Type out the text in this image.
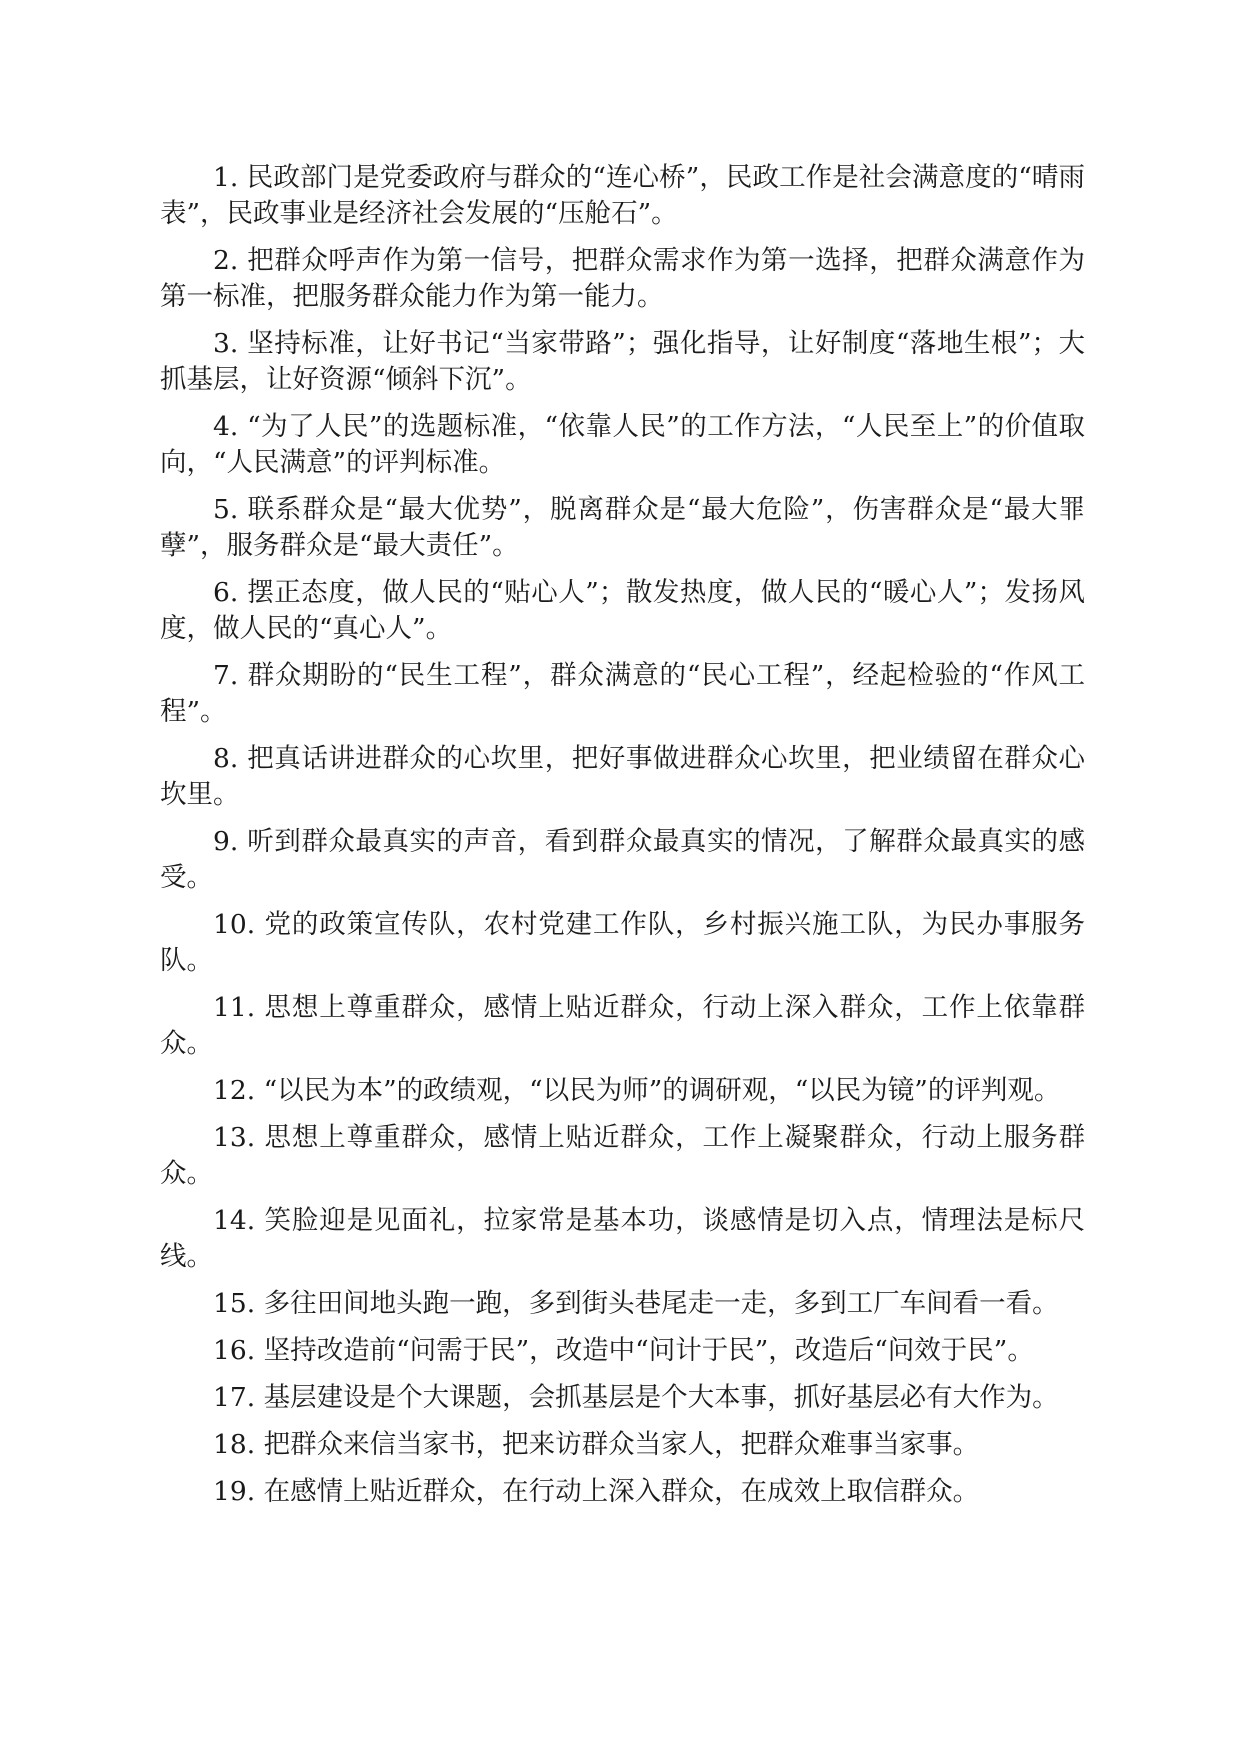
1. 民政部门是党委政府与群众的“连心桥”，民政工作是社会满意度的“晴雨表”，民政事业是经济社会发展的“压舱石”。

2. 把群众呼声作为第一信号，把群众需求作为第一选择，把群众满意作为第一标准，把服务群众能力作为第一能力。

3. 坚持标准，让好书记“当家带路”；强化指导，让好制度“落地生根”；大抓基层，让好资源“倾斜下沉”。

4. “为了人民”的选题标准，“依靠人民”的工作方法，“人民至上”的价值取向，“人民满意”的评判标准。

5. 联系群众是“最大优势”，脱离群众是“最大危险”，伤害群众是“最大罪孽”，服务群众是“最大责任”。

6. 摆正态度，做人民的“贴心人”；散发热度，做人民的“暖心人”；发扬风度，做人民的“真心人”。

7. 群众期盼的“民生工程”，群众满意的“民心工程”，经起检验的“作风工程”。

8. 把真话讲进群众的心坎里，把好事做进群众心坎里，把业绩留在群众心坎里。

9. 听到群众最真实的声音，看到群众最真实的情况，了解群众最真实的感受。

10. 党的政策宣传队，农村党建工作队，乡村振兴施工队，为民办事服务队。

11. 思想上尊重群众，感情上贴近群众，行动上深入群众，工作上依靠群众。

12. “以民为本”的政绩观，“以民为师”的调研观，“以民为镜”的评判观。

13. 思想上尊重群众，感情上贴近群众，工作上凝聚群众，行动上服务群众。

14. 笑脸迎是见面礼，拉家常是基本功，谈感情是切入点，情理法是标尺线。

15. 多往田间地头跑一跑，多到街头巷尾走一走，多到工厂车间看一看。

16. 坚持改造前“问需于民”，改造中“问计于民”，改造后“问效于民”。

17. 基层建设是个大课题，会抓基层是个大本事，抓好基层必有大作为。

18. 把群众来信当家书，把来访群众当家人，把群众难事当家事。

19. 在感情上贴近群众，在行动上深入群众，在成效上取信群众。
